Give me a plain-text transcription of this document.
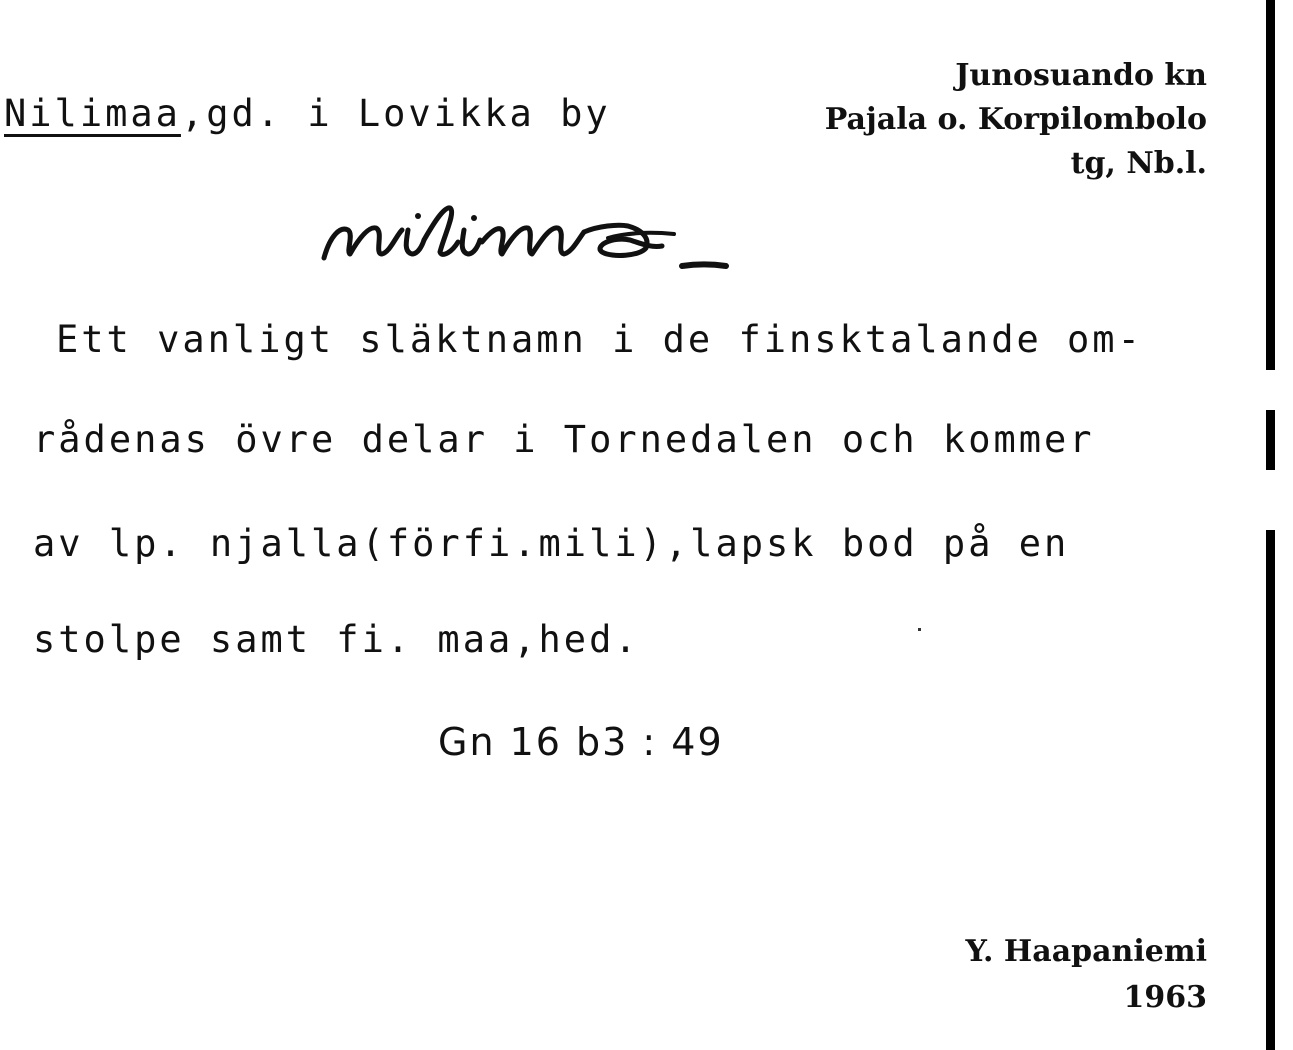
Nilimaa,gd. i Lovikka by
Junosuando kn
Pajala o. Korpilombolo
tg, Nb.l.
Ett vanligt släktnamn i de finsktalande om-
rådenas övre delar i Tornedalen och kommer
av lp. njalla(förfi.mili),lapsk bod på en
stolpe samt fi. maa,hed.
Gn 16 b3 : 49
Y. Haapaniemi
1963
